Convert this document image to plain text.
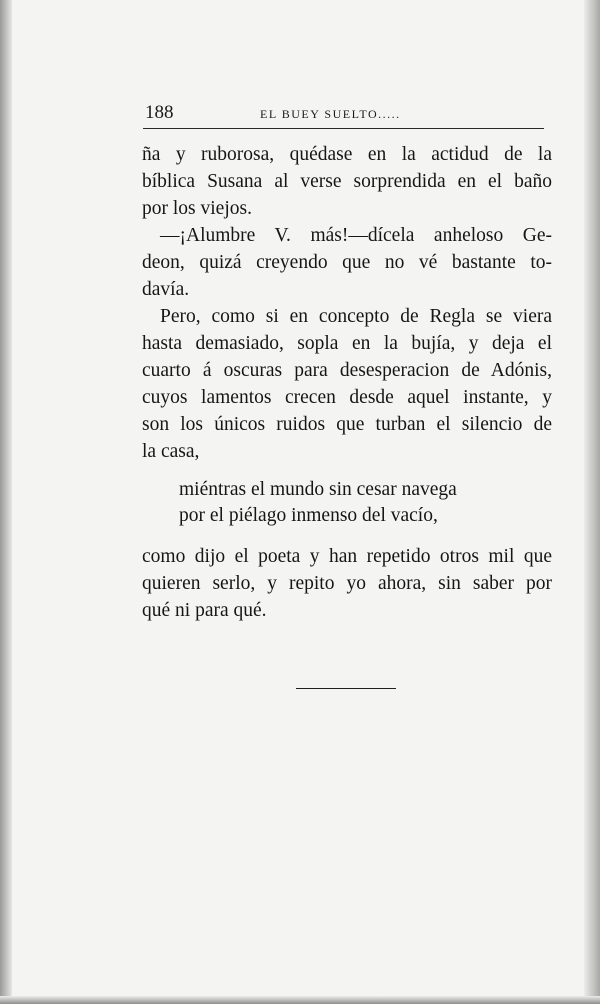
188	EL BUEY SUELTO.....
ña y ruborosa, quédase en la actidud de la
bíblica Susana al verse sorprendida en el baño
por los viejos.
—¡Alumbre V. más!—dícela anheloso Ge-
deon, quizá creyendo que no vé bastante to-
davía.
Pero, como si en concepto de Regla se viera
hasta demasiado, sopla en la bujía, y deja el
cuarto á oscuras para desesperacion de Adónis,
cuyos lamentos crecen desde aquel instante, y
son los únicos ruidos que turban el silencio de
la casa,
miéntras el mundo sin cesar navega
por el piélago inmenso del vacío,
como dijo el poeta y han repetido otros mil que
quieren serlo, y repito yo ahora, sin saber por
qué ni para qué.
